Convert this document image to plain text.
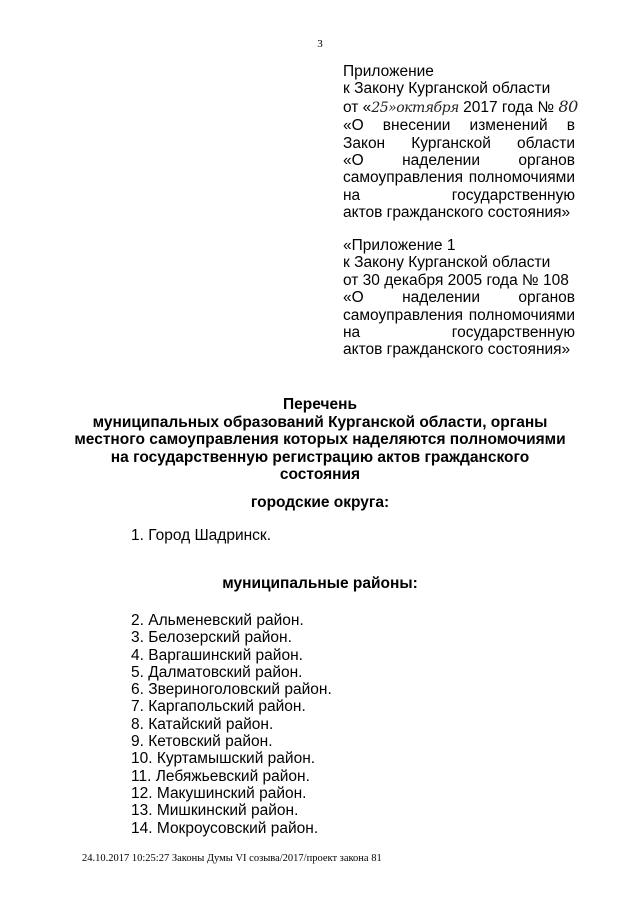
3
Приложение
к Закону Курганской области
от «25»октября 2017 года № 80
«О внесении изменений в
Закон Курганской области
«О наделении органов
самоуправления полномочиями
на	государственную
актов гражданского состояния»
«Приложение 1
к Закону Курганской области
от 30 декабря 2005 года № 108
«О наделении органов
самоуправления полномочиями
на	государственную
актов гражданского состояния»
Перечень
муниципальных образований Курганской области, органы
местного самоуправления которых наделяются полномочиями
на государственную регистрацию актов гражданского
состояния
городские округа:
1. Город Шадринск.
муниципальные районы:
2. Альменевский район.
3. Белозерский район.
4. Варгашинский район.
5. Далматовский район.
6. Звериноголовский район.
7. Каргапольский район.
8. Катайский район.
9. Кетовский район.
10. Куртамышский район.
11. Лебяжьевский район.
12. Макушинский район.
13. Мишкинский район.
14. Мокроусовский район.
24.10.2017 10:25:27 Законы Думы VI созыва/2017/проект закона 81
